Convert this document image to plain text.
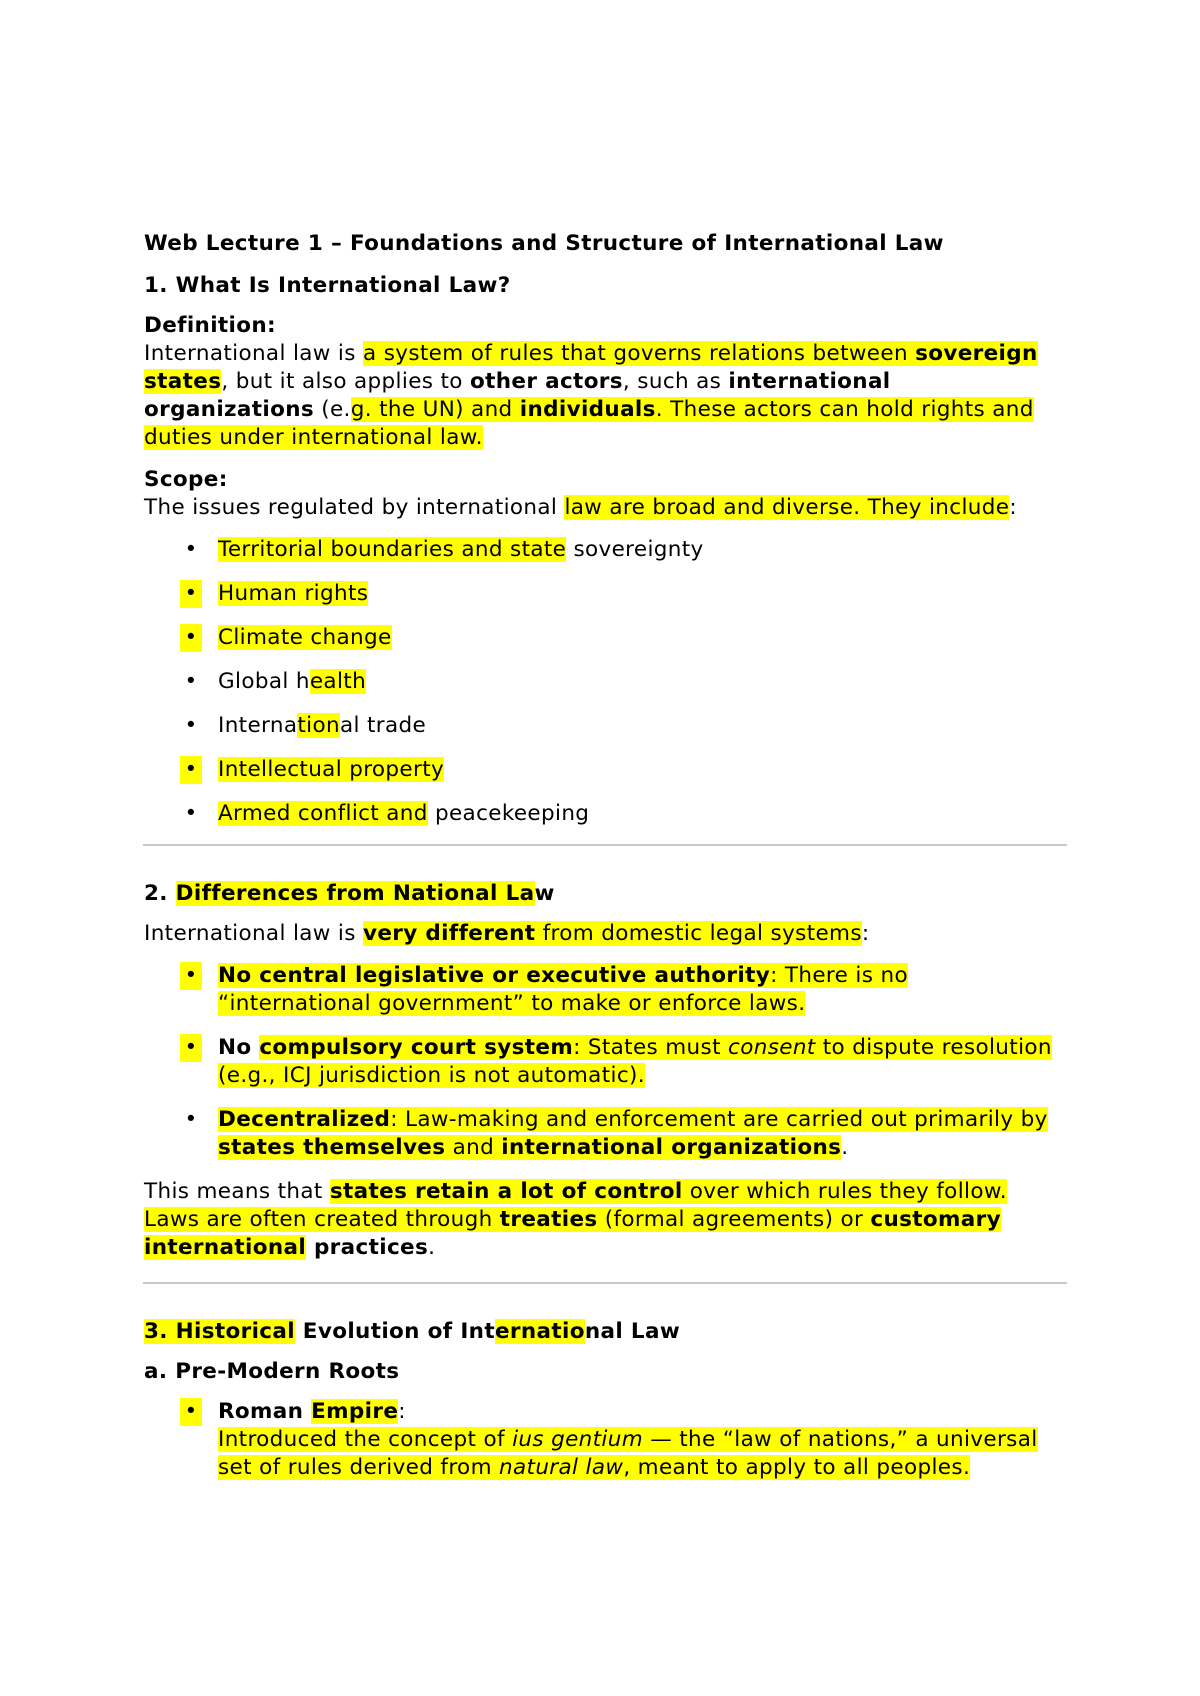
Web Lecture 1 – Foundations and Structure of International Law

1. What Is International Law?

Definition:

International law is a system of rules that governs relations between sovereign states, but it also applies to other actors, such as international organizations (e.g. the UN) and individuals. These actors can hold rights and duties under international law.

Scope:

The issues regulated by international law are broad and diverse. They include:

• Territorial boundaries and state sovereignty
• Human rights
• Climate change
• Global health
• International trade
• Intellectual property
• Armed conflict and peacekeeping

2. Differences from National Law

International law is very different from domestic legal systems:

• No central legislative or executive authority: There is no “international government” to make or enforce laws.
• No compulsory court system: States must consent to dispute resolution (e.g., ICJ jurisdiction is not automatic).
• Decentralized: Law-making and enforcement are carried out primarily by states themselves and international organizations.

This means that states retain a lot of control over which rules they follow. Laws are often created through treaties (formal agreements) or customary international practices.

3. Historical Evolution of International Law

a. Pre-Modern Roots

• Roman Empire:
Introduced the concept of ius gentium — the “law of nations,” a universal set of rules derived from natural law, meant to apply to all peoples.
